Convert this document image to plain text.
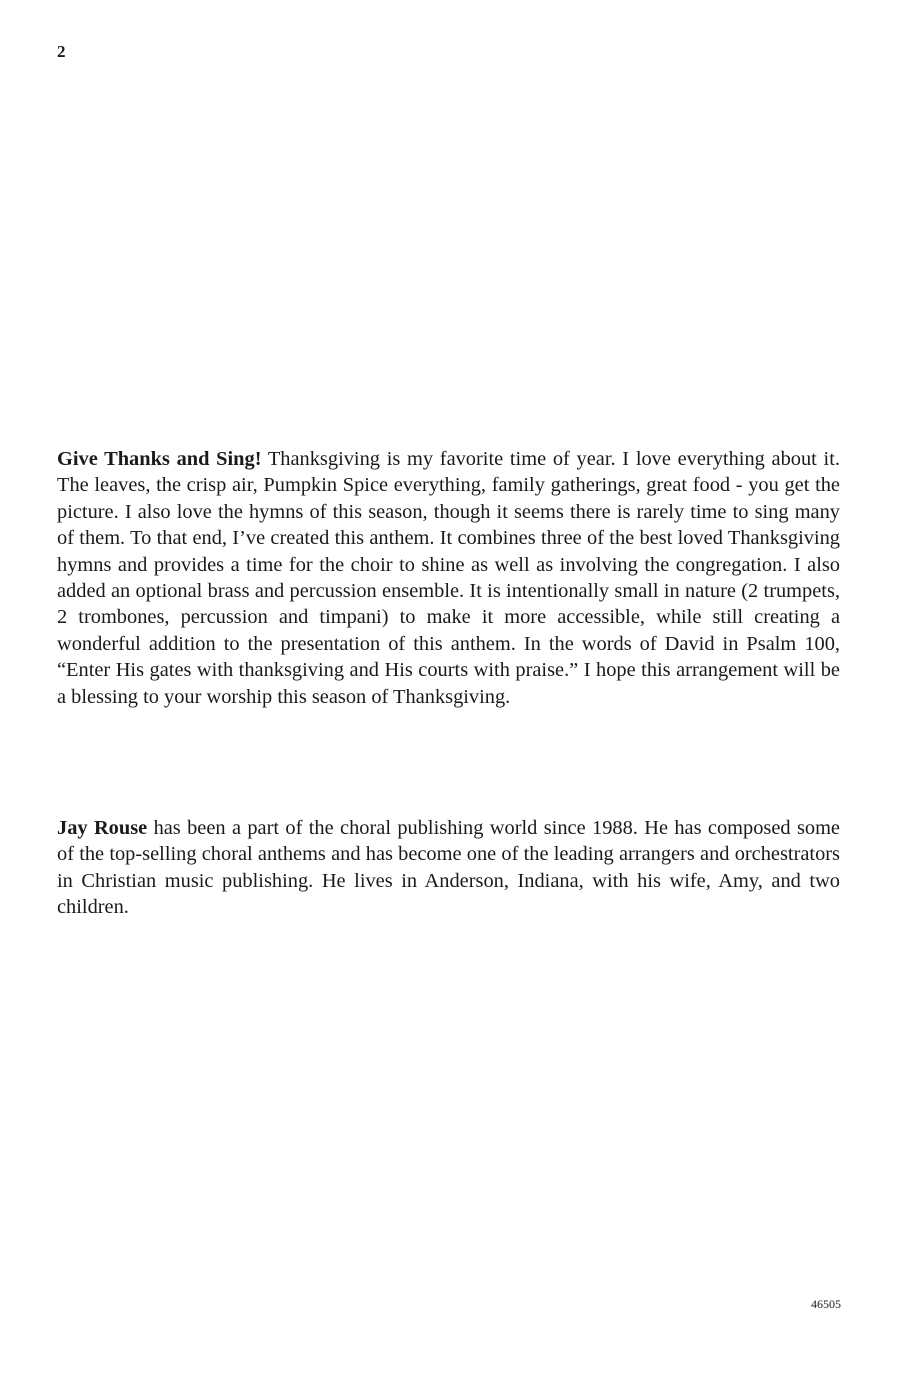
2

Give Thanks and Sing! Thanksgiving is my favorite time of year. I love everything about it. The leaves, the crisp air, Pumpkin Spice everything, family gatherings, great food - you get the picture. I also love the hymns of this season, though it seems there is rarely time to sing many of them. To that end, I’ve created this anthem. It combines three of the best loved Thanksgiving hymns and provides a time for the choir to shine as well as involving the congregation. I also added an optional brass and percussion ensemble. It is intentionally small in nature (2 trumpets, 2 trombones, percussion and timpani) to make it more accessible, while still creating a wonderful addition to the presentation of this anthem. In the words of David in Psalm 100, “Enter His gates with thanksgiving and His courts with praise.” I hope this arrangement will be a blessing to your worship this season of Thanksgiving.

Jay Rouse has been a part of the choral publishing world since 1988. He has composed some of the top-selling choral anthems and has become one of the leading arrangers and orchestrators in Christian music publishing. He lives in Anderson, Indiana, with his wife, Amy, and two children.

46505
